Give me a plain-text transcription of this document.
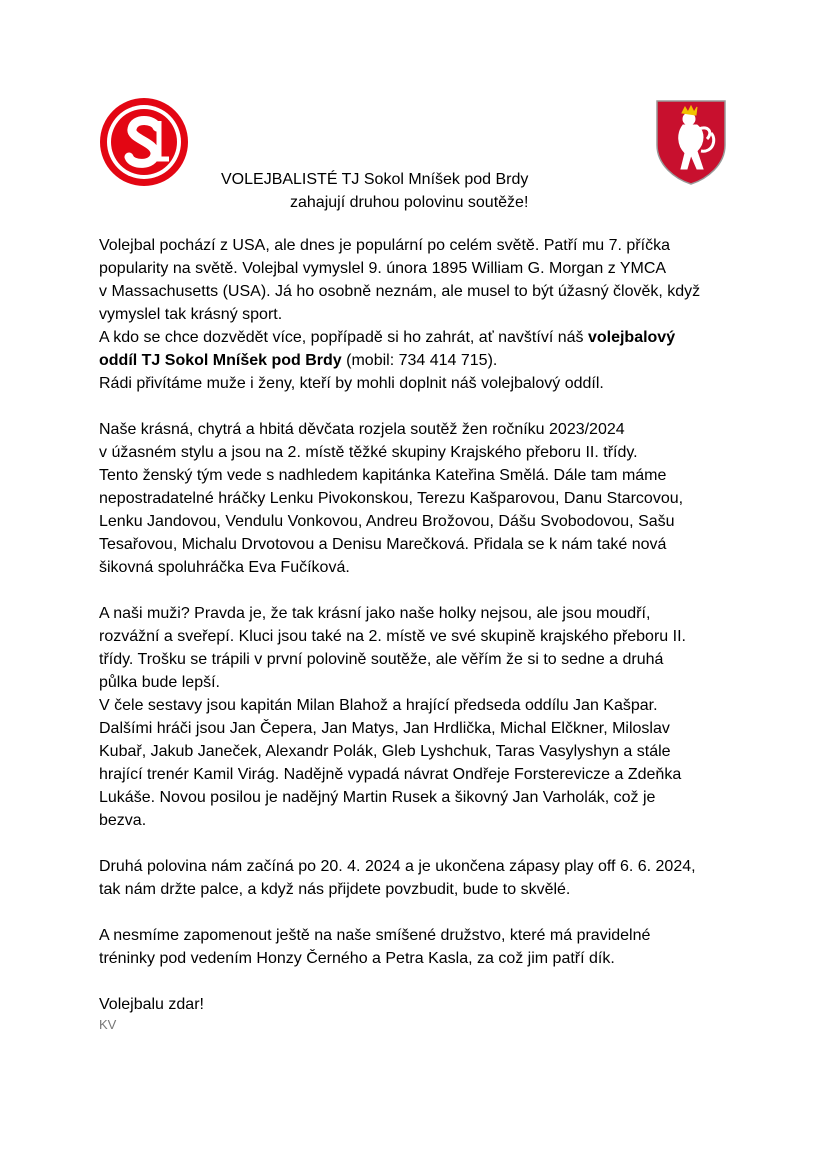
VOLEJBALISTÉ TJ Sokol Mníšek pod Brdy
zahajují druhou polovinu soutěže!

Volejbal pochází z USA, ale dnes je populární po celém světě. Patří mu 7. příčka

popularity na světě. Volejbal vymyslel 9. února 1895 William G. Morgan z YMCA

v Massachusetts (USA). Já ho osobně neznám, ale musel to být úžasný člověk, když

vymyslel tak krásný sport.

A kdo se chce dozvědět více, popřípadě si ho zahrát, ať navštíví náš volejbalový

oddíl TJ Sokol Mníšek pod Brdy (mobil: 734 414 715).

Rádi přivítáme muže i ženy, kteří by mohli doplnit náš volejbalový oddíl.

Naše krásná, chytrá a hbitá děvčata rozjela soutěž žen ročníku 2023/2024

v úžasném stylu a jsou na 2. místě těžké skupiny Krajského přeboru II. třídy.

Tento ženský tým vede s nadhledem kapitánka Kateřina Smělá. Dále tam máme

nepostradatelné hráčky Lenku Pivokonskou, Terezu Kašparovou, Danu Starcovou,

Lenku Jandovou, Vendulu Vonkovou, Andreu Brožovou, Dášu Svobodovou, Sašu

Tesařovou, Michalu Drvotovou a Denisu Marečková. Přidala se k nám také nová

šikovná spoluhráčka Eva Fučíková.

A naši muži? Pravda je, že tak krásní jako naše holky nejsou, ale jsou moudří,

rozvážní a sveřepí. Kluci jsou také na 2. místě ve své skupině krajského přeboru II.

třídy. Trošku se trápili v první polovině soutěže, ale věřím že si to sedne a druhá

půlka bude lepší.

V čele sestavy jsou kapitán Milan Blahož a hrající předseda oddílu Jan Kašpar.

Dalšími hráči jsou Jan Čepera, Jan Matys, Jan Hrdlička, Michal Elčkner, Miloslav

Kubař, Jakub Janeček, Alexandr Polák, Gleb Lyshchuk, Taras Vasylyshyn a stále

hrající trenér Kamil Virág. Nadějně vypadá návrat Ondřeje Forsterevicze a Zdeňka

Lukáše. Novou posilou je nadějný Martin Rusek a šikovný Jan Varholák, což je

bezva.

Druhá polovina nám začíná po 20. 4. 2024 a je ukončena zápasy play off 6. 6. 2024,

tak nám držte palce, a když nás přijdete povzbudit, bude to skvělé.

A nesmíme zapomenout ještě na naše smíšené družstvo, které má pravidelné

tréninky pod vedením Honzy Černého a Petra Kasla, za což jim patří dík.

Volejbalu zdar!

KV
